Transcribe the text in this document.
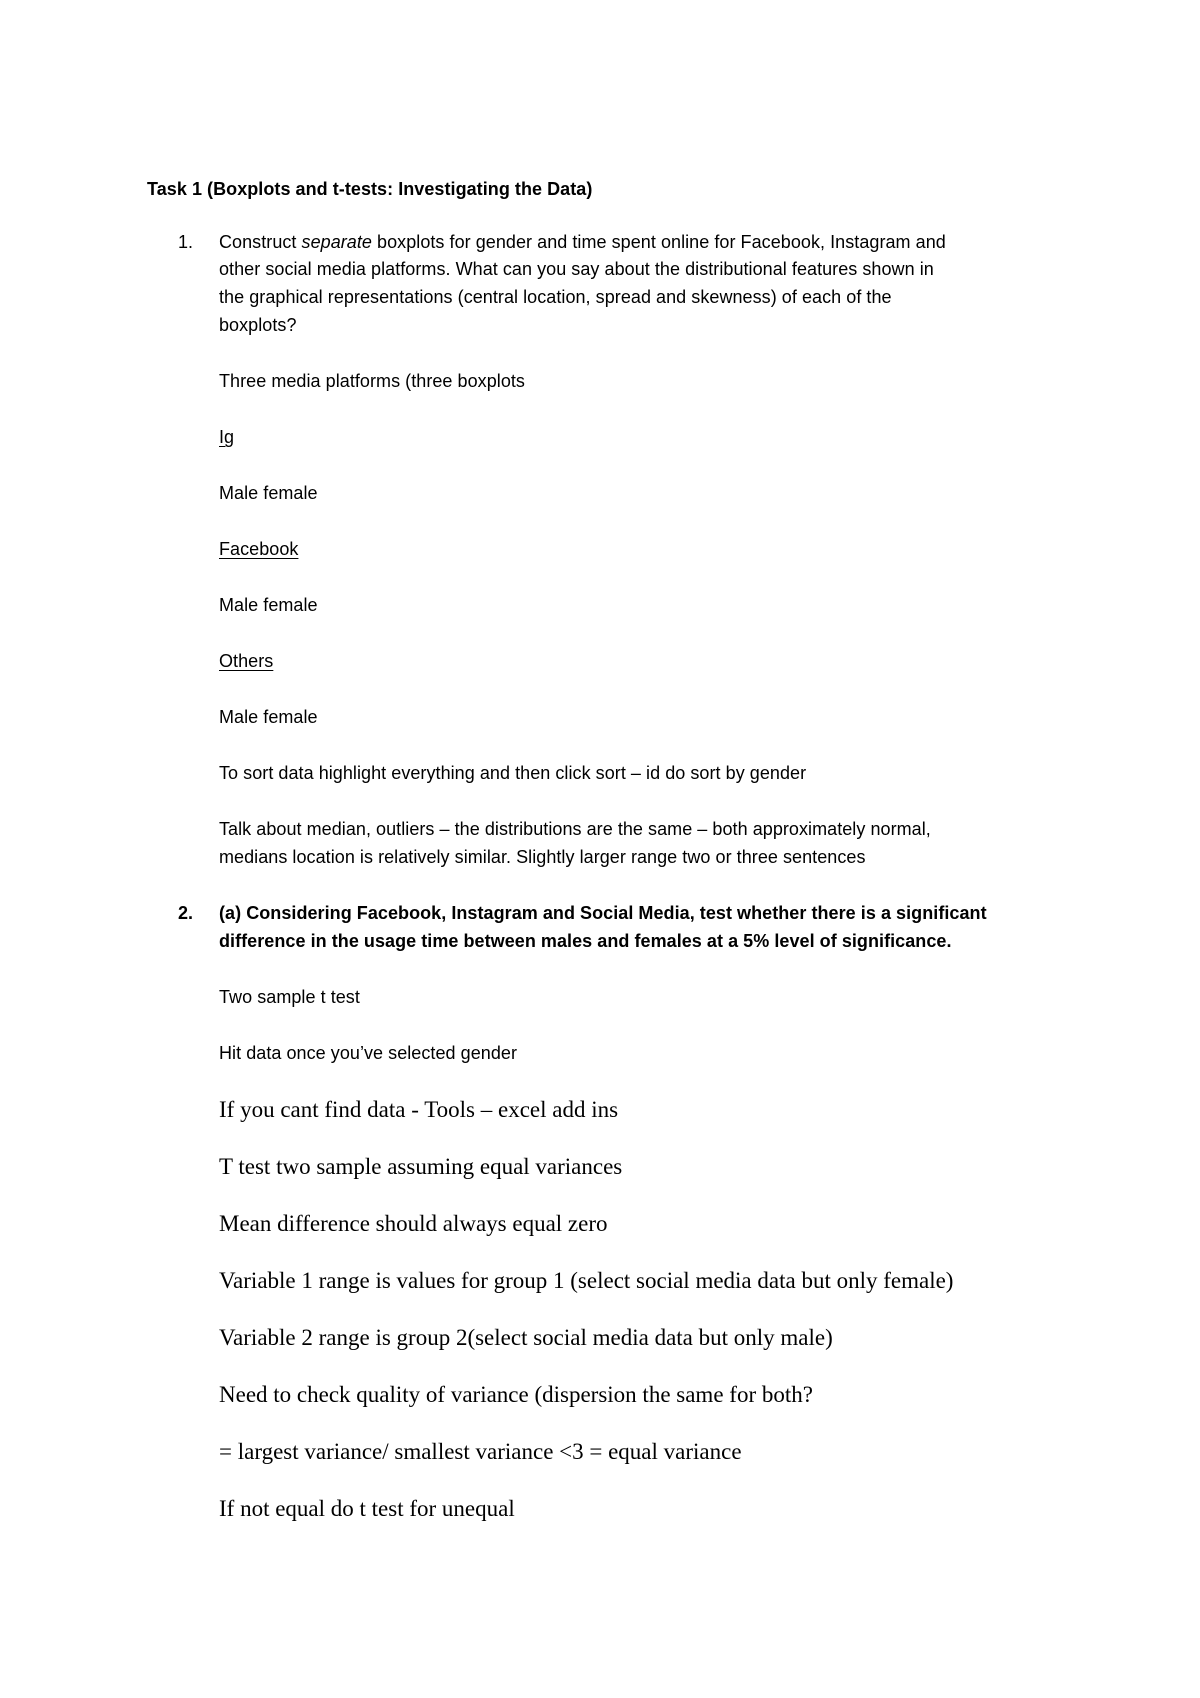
Task 1 (Boxplots and t-tests: Investigating the Data)
1. Construct separate boxplots for gender and time spent online for Facebook, Instagram and
other social media platforms. What can you say about the distributional features shown in
the graphical representations (central location, spread and skewness) of each of the
boxplots?
Three media platforms (three boxplots
Ig
Male female
Facebook
Male female
Others
Male female
To sort data highlight everything and then click sort – id do sort by gender
Talk about median, outliers – the distributions are the same – both approximately normal,
medians location is relatively similar. Slightly larger range two or three sentences
2. (a) Considering Facebook, Instagram and Social Media, test whether there is a significant
difference in the usage time between males and females at a 5% level of significance.
Two sample t test
Hit data once you’ve selected gender
If you cant find data - Tools – excel add ins
T test two sample assuming equal variances
Mean difference should always equal zero
Variable 1 range is values for group 1 (select social media data but only female)
Variable 2 range is group 2(select social media data but only male)
Need to check quality of variance (dispersion the same for both?
= largest variance/ smallest variance <3 = equal variance
If not equal do t test for unequal
